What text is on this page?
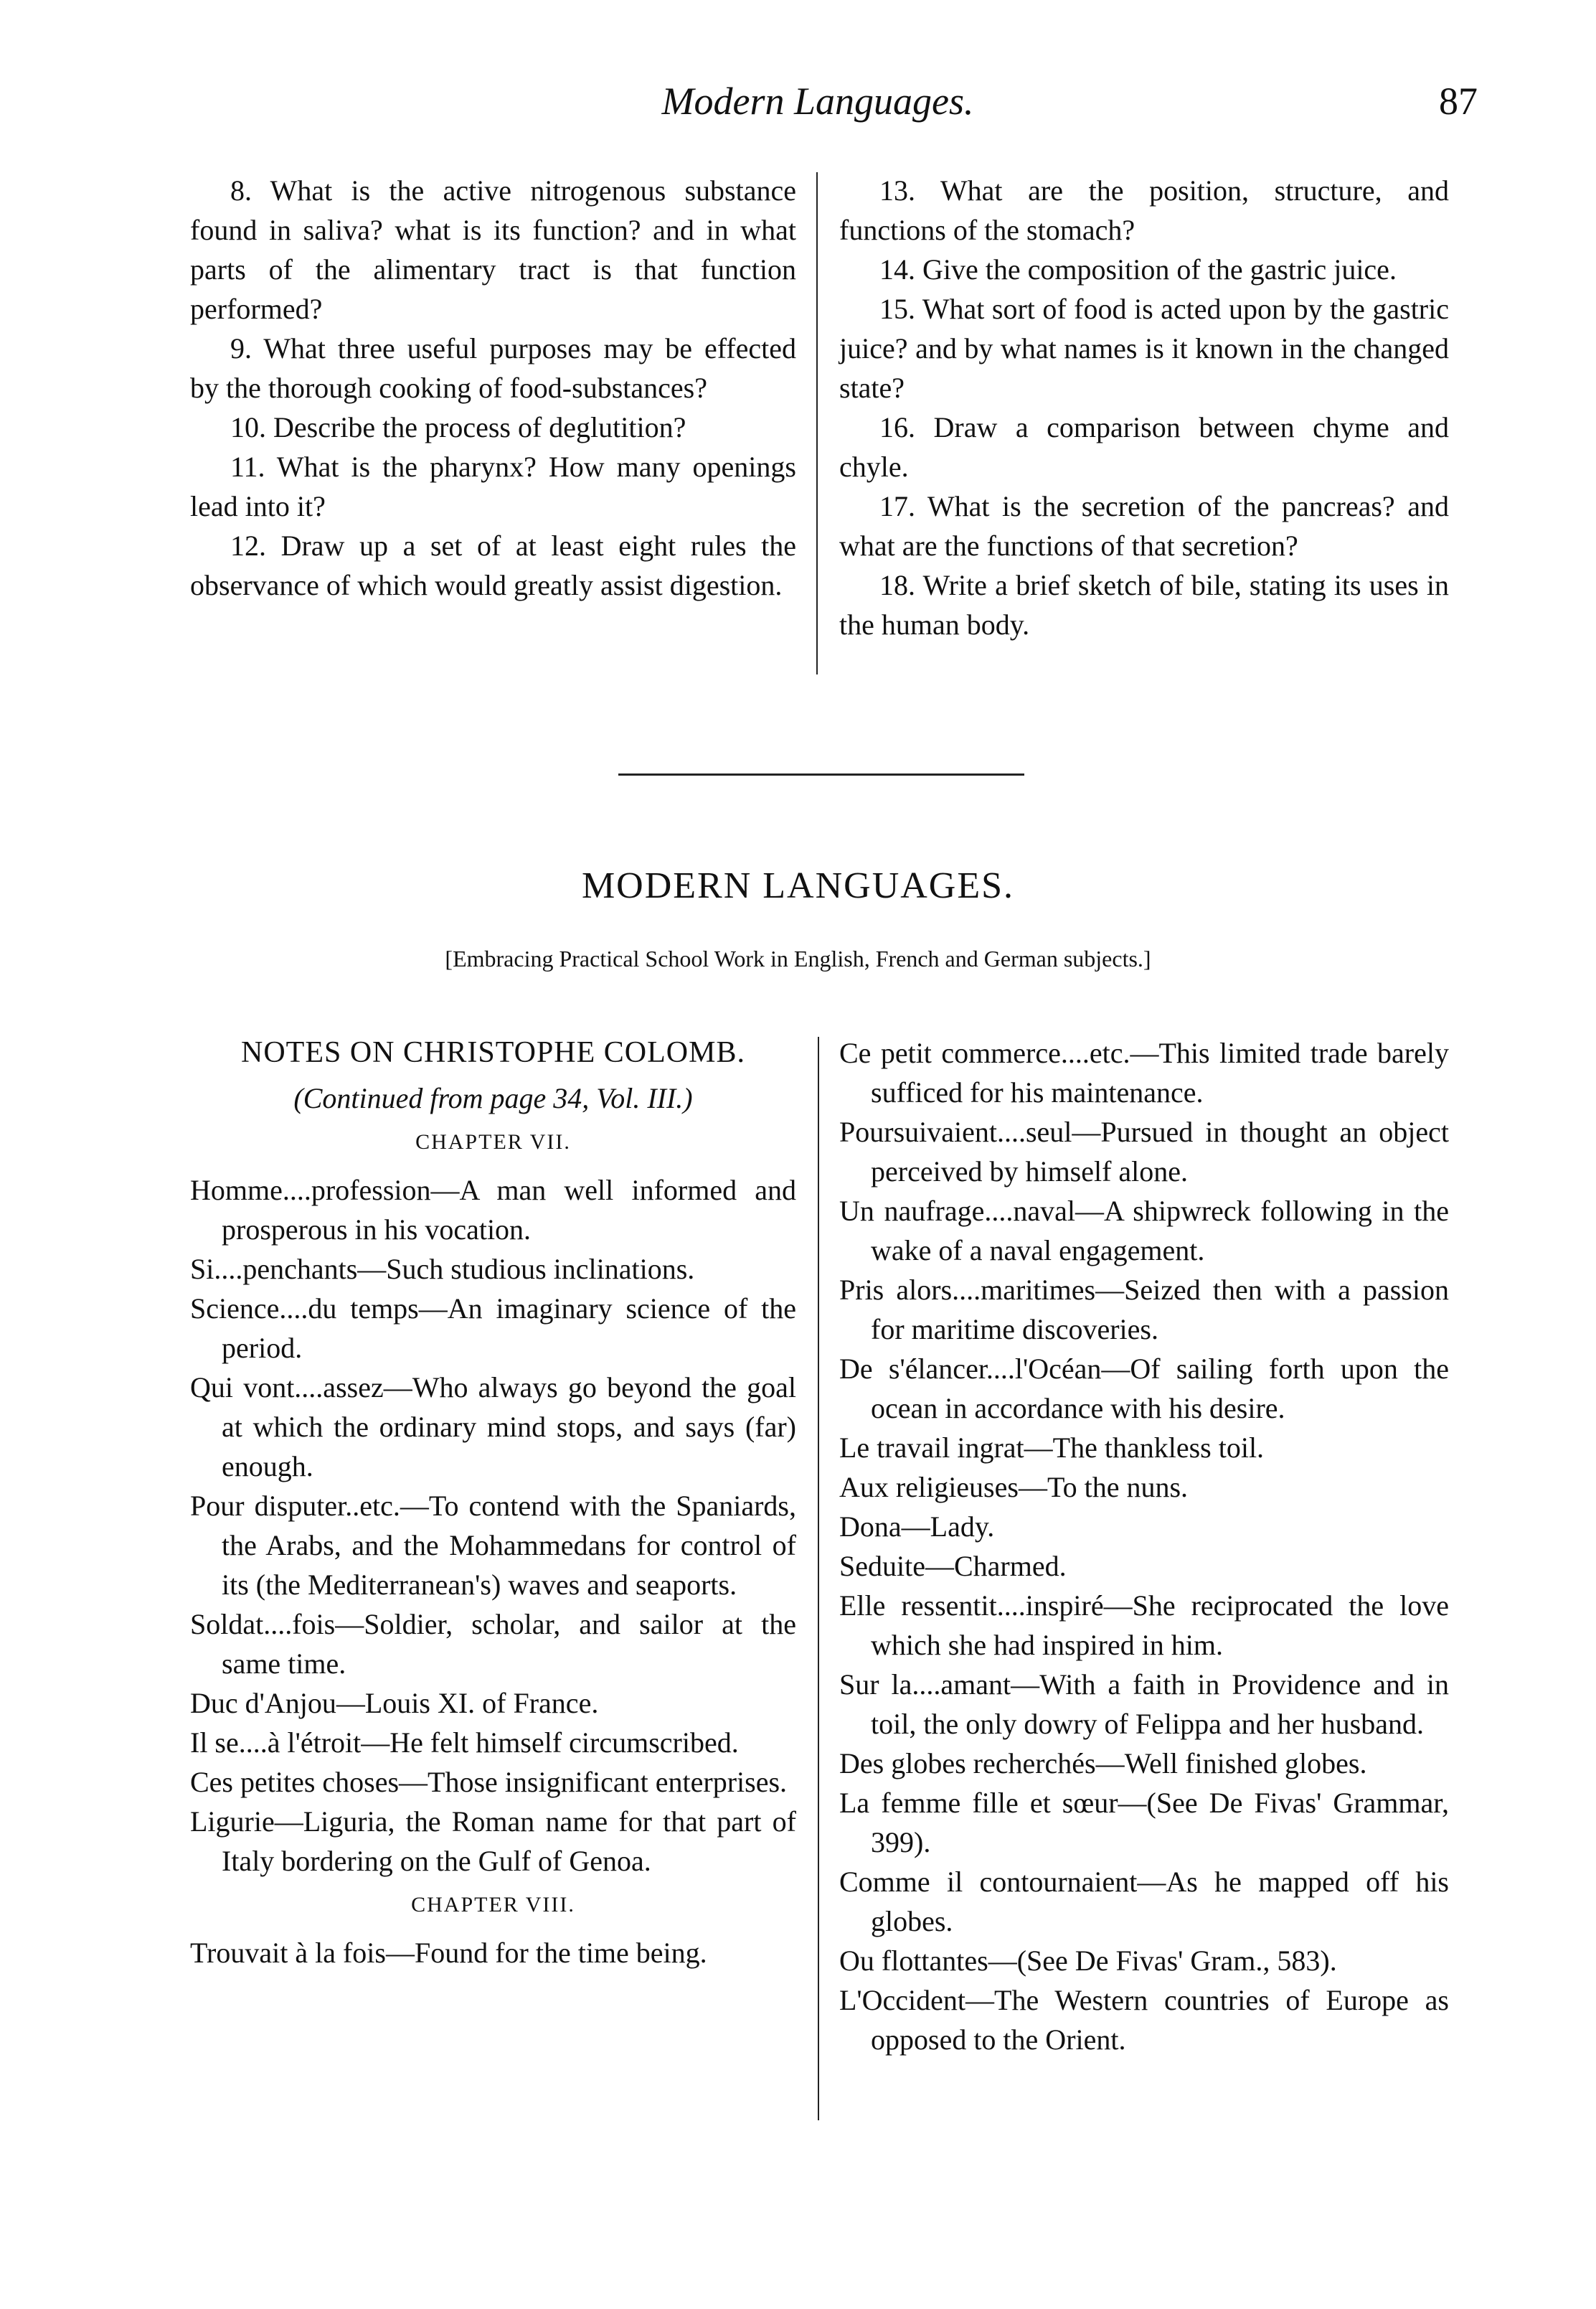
Modern Languages.	87

8. What is the active nitrogenous substance found in saliva? what is its function? and in what parts of the alimentary tract is that function performed?

9. What three useful purposes may be effected by the thorough cooking of food-substances?

10. Describe the process of deglutition?

11. What is the pharynx? How many openings lead into it?

12. Draw up a set of at least eight rules the observance of which would greatly assist digestion.

13. What are the position, structure, and functions of the stomach?

14. Give the composition of the gastric juice.

15. What sort of food is acted upon by the gastric juice? and by what names is it known in the changed state?

16. Draw a comparison between chyme and chyle.

17. What is the secretion of the pancreas? and what are the functions of that secretion?

18. Write a brief sketch of bile, stating its uses in the human body.

MODERN LANGUAGES.
[Embracing Practical School Work in English, French and German subjects.]

NOTES ON CHRISTOPHE COLOMB.

(Continued from page 34, Vol. III.)

CHAPTER VII.

Homme....profession—A man well informed and prosperous in his vocation.

Si....penchants—Such studious inclinations.

Science....du temps—An imaginary science of the period.

Qui vont....assez—Who always go beyond the goal at which the ordinary mind stops, and says (far) enough.

Pour disputer..etc.—To contend with the Spaniards, the Arabs, and the Mohammedans for control of its (the Mediterranean's) waves and seaports.

Soldat....fois—Soldier, scholar, and sailor at the same time.

Duc d'Anjou—Louis XI. of France.

Il se....à l'étroit—He felt himself circumscribed.

Ces petites choses—Those insignificant enterprises.

Ligurie—Liguria, the Roman name for that part of Italy bordering on the Gulf of Genoa.

CHAPTER VIII.

Trouvait à la fois—Found for the time being.

Ce petit commerce....etc.—This limited trade barely sufficed for his maintenance.

Poursuivaient....seul—Pursued in thought an object perceived by himself alone.

Un naufrage....naval—A shipwreck following in the wake of a naval engagement.

Pris alors....maritimes—Seized then with a passion for maritime discoveries.

De s'élancer....l'Océan—Of sailing forth upon the ocean in accordance with his desire.

Le travail ingrat—The thankless toil.

Aux religieuses—To the nuns.

Dona—Lady.

Seduite—Charmed.

Elle ressentit....inspiré—She reciprocated the love which she had inspired in him.

Sur la....amant—With a faith in Providence and in toil, the only dowry of Felippa and her husband.

Des globes recherchés—Well finished globes.

La femme fille et sœur—(See De Fivas' Grammar, 399).

Comme il contournaient—As he mapped off his globes.

Ou flottantes—(See De Fivas' Gram., 583).

L'Occident—The Western countries of Europe as opposed to the Orient.
